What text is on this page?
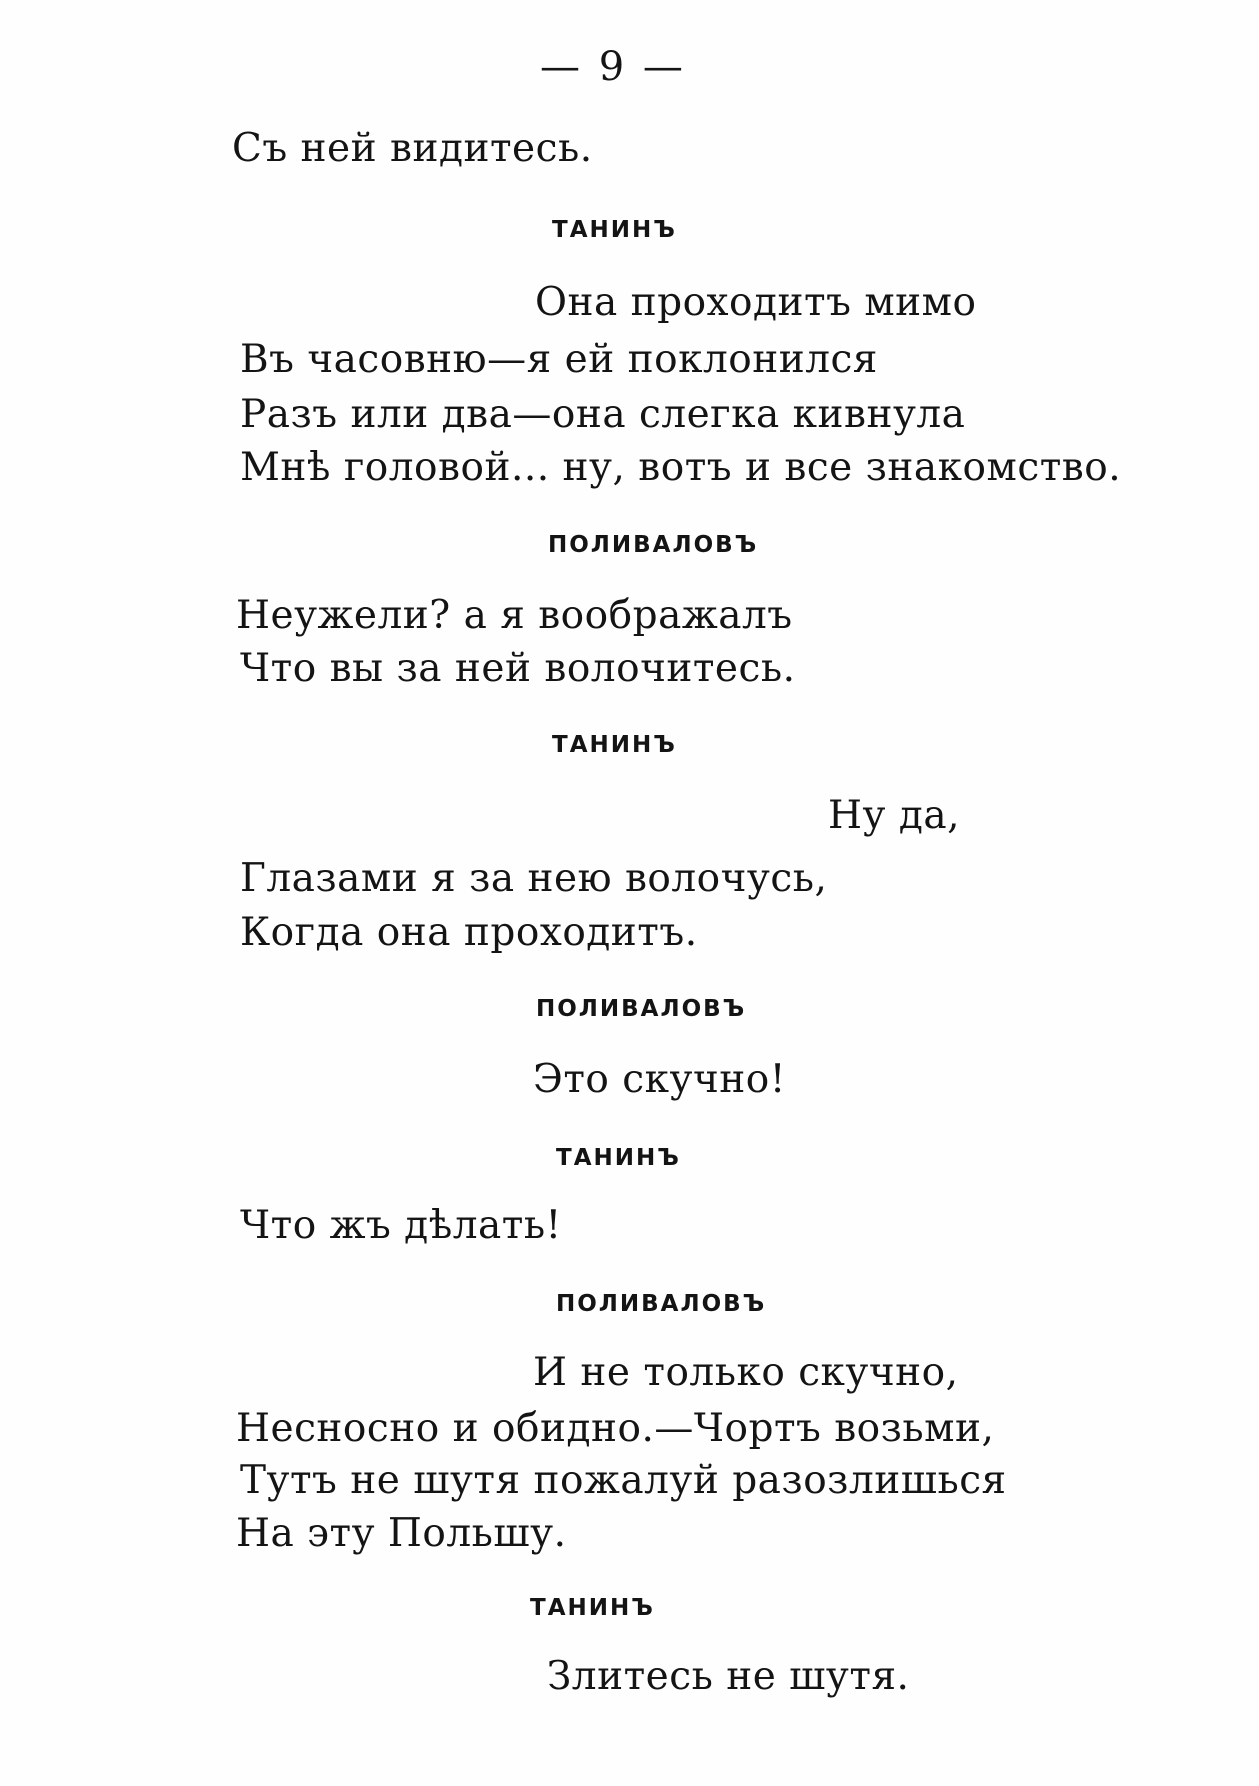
— 9 —
Съ ней видитесь.
ТАНИНЪ
Она проходитъ мимо
Въ часовню—я ей поклонился
Разъ или два—она слегка кивнула
Мнѣ головой... ну, вотъ и все знакомство.
ПОЛИВАЛОВЪ
Неужели? а я воображалъ
Что вы за ней волочитесь.
ТАНИНЪ
Ну да,
Глазами я за нею волочусь,
Когда она проходитъ.
ПОЛИВАЛОВЪ
Это скучно!
ТАНИНЪ
Что жъ дѣлать!
ПОЛИВАЛОВЪ
И не только скучно,
Несносно и обидно.—Чортъ возьми,
Тутъ не шутя пожалуй разозлишься
На эту Польшу.
ТАНИНЪ
Злитесь не шутя.
